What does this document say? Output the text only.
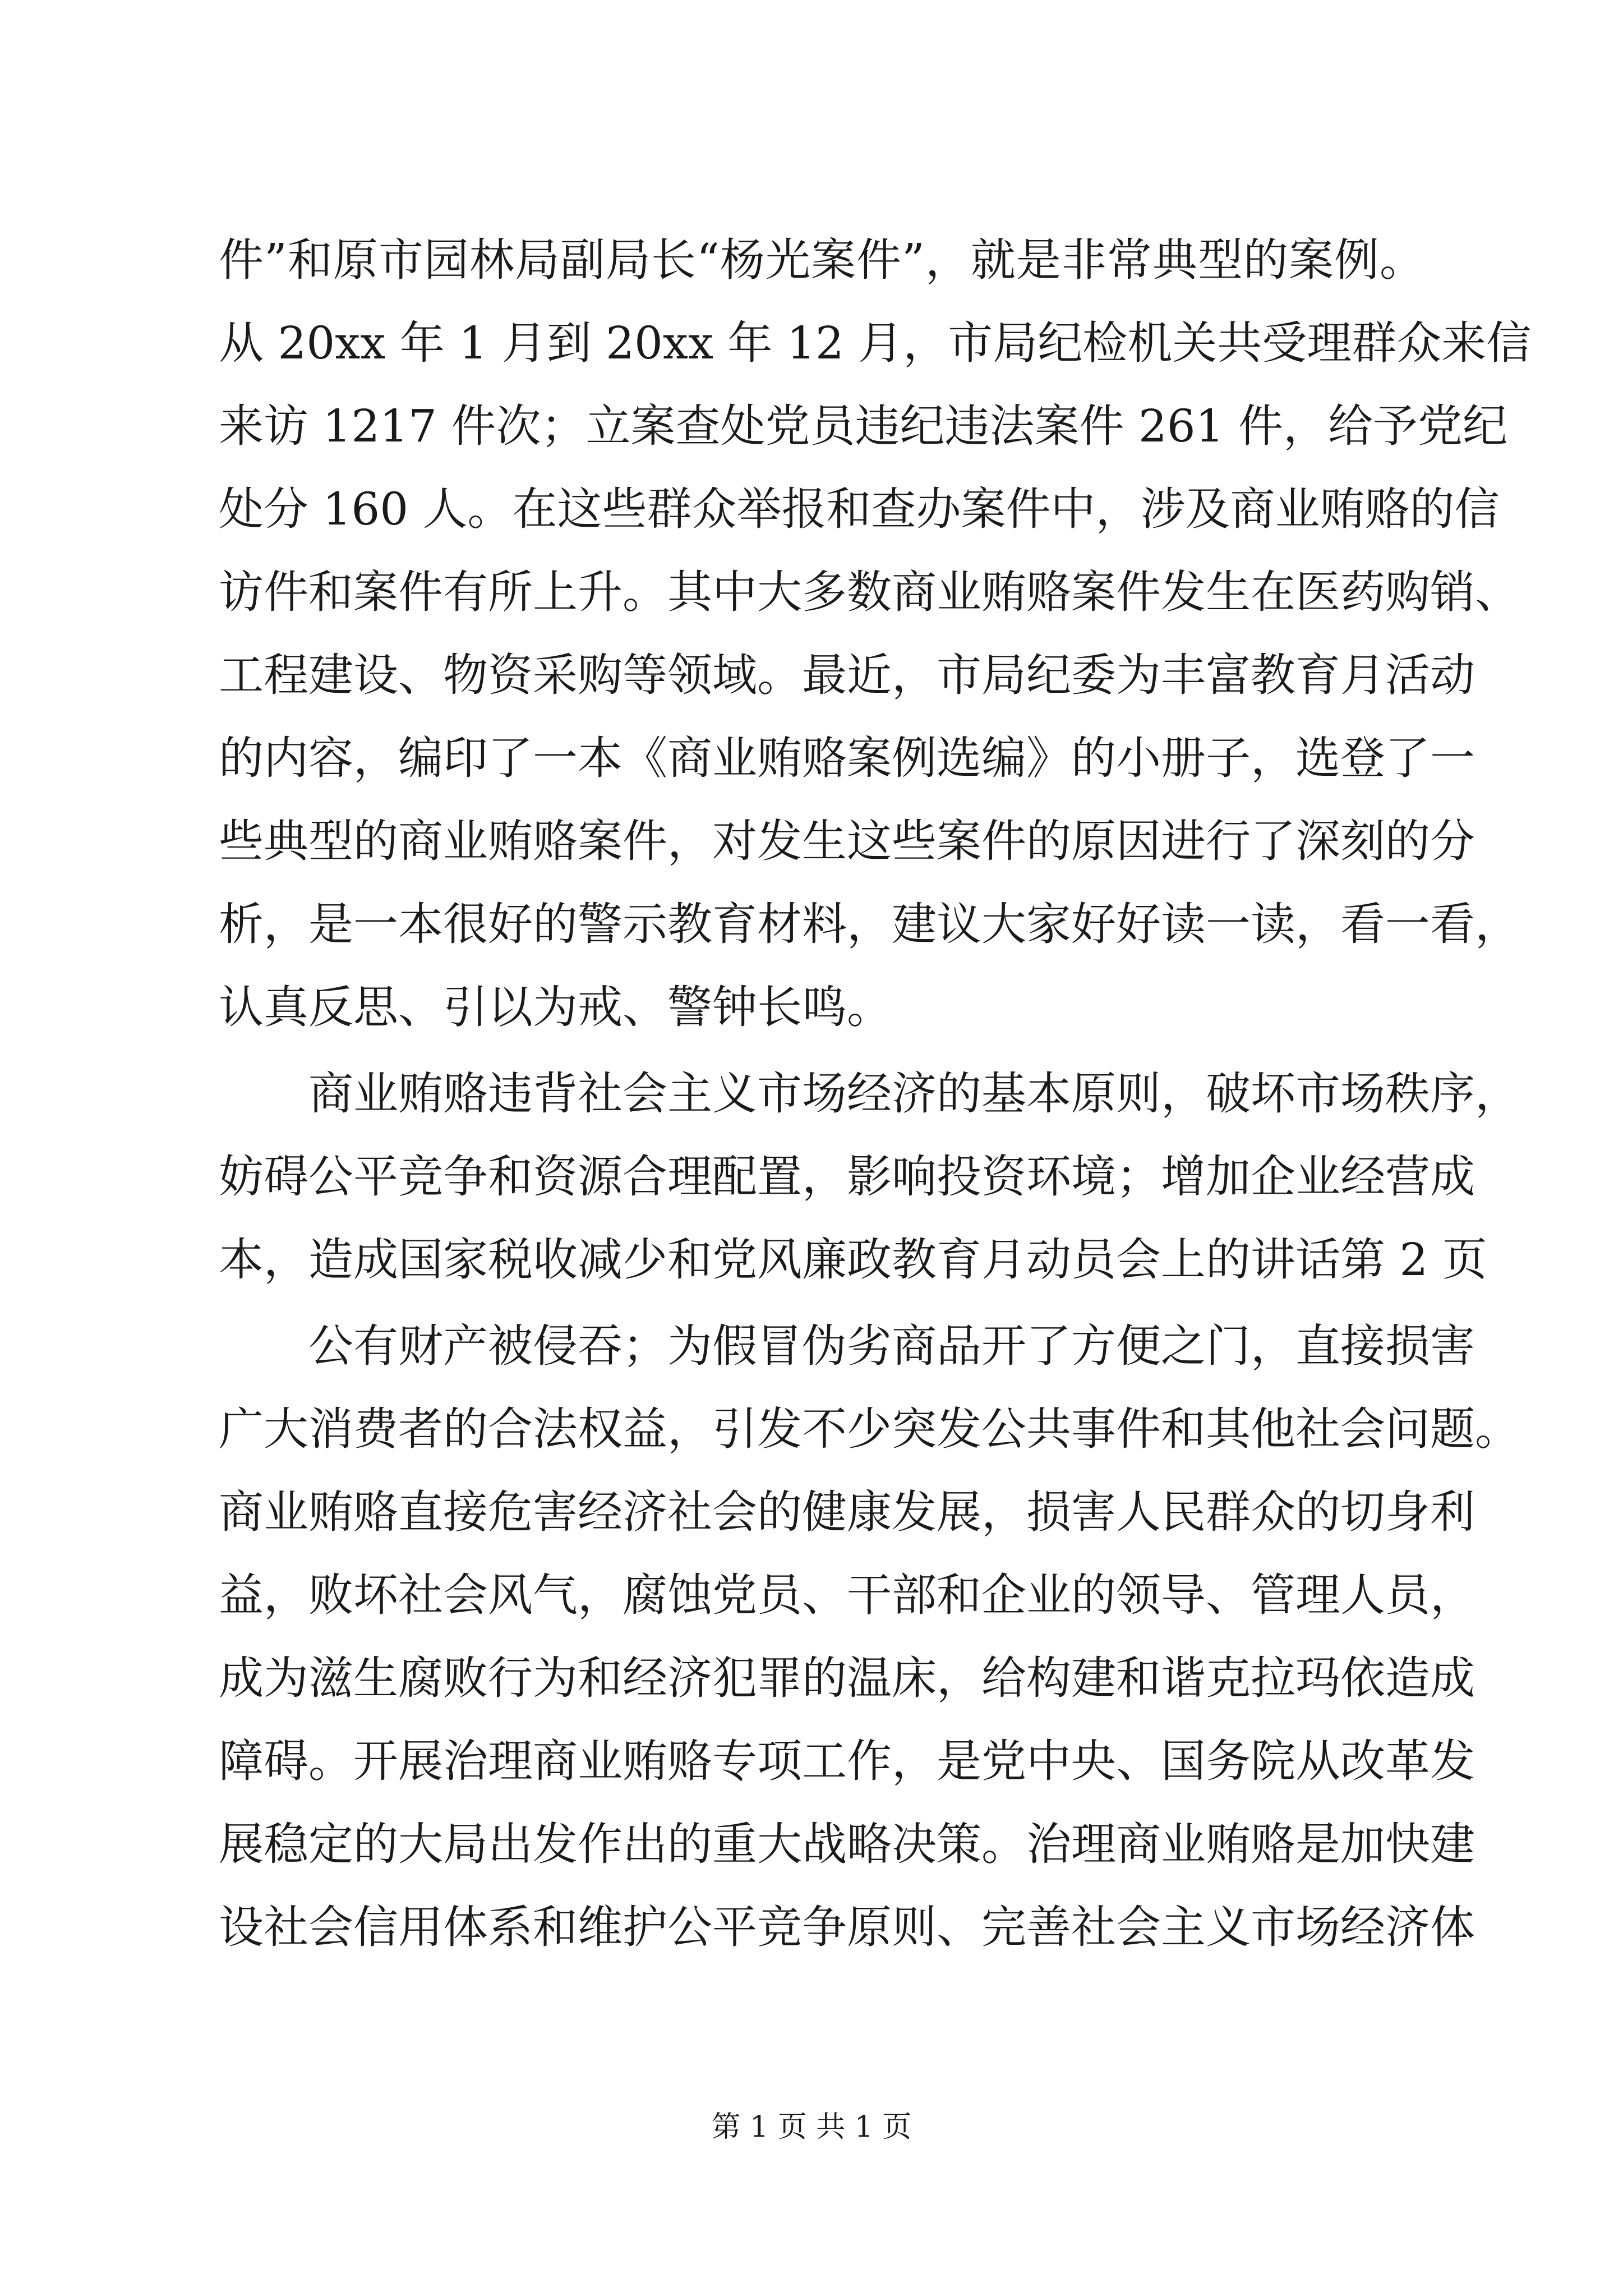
件”和原市园林局副局长“杨光案件”，就是非常典型的案例。
从 20xx 年 1 月到 20xx 年 12 月，市局纪检机关共受理群众来信
来访 1217 件次；立案查处党员违纪违法案件 261 件，给予党纪
处分 160 人。在这些群众举报和查办案件中，涉及商业贿赂的信
访件和案件有所上升。其中大多数商业贿赂案件发生在医药购销、
工程建设、物资采购等领域。最近，市局纪委为丰富教育月活动
的内容，编印了一本《商业贿赂案例选编》的小册子，选登了一
些典型的商业贿赂案件，对发生这些案件的原因进行了深刻的分
析，是一本很好的警示教育材料，建议大家好好读一读，看一看，
认真反思、引以为戒、警钟长鸣。
商业贿赂违背社会主义市场经济的基本原则，破坏市场秩序，
妨碍公平竞争和资源合理配置，影响投资环境；增加企业经营成
本，造成国家税收减少和党风廉政教育月动员会上的讲话第 2 页
公有财产被侵吞；为假冒伪劣商品开了方便之门，直接损害
广大消费者的合法权益，引发不少突发公共事件和其他社会问题。
商业贿赂直接危害经济社会的健康发展，损害人民群众的切身利
益，败坏社会风气，腐蚀党员、干部和企业的领导、管理人员，
成为滋生腐败行为和经济犯罪的温床，给构建和谐克拉玛依造成
障碍。开展治理商业贿赂专项工作，是党中央、国务院从改革发
展稳定的大局出发作出的重大战略决策。治理商业贿赂是加快建
设社会信用体系和维护公平竞争原则、完善社会主义市场经济体
第 1 页 共 1 页
